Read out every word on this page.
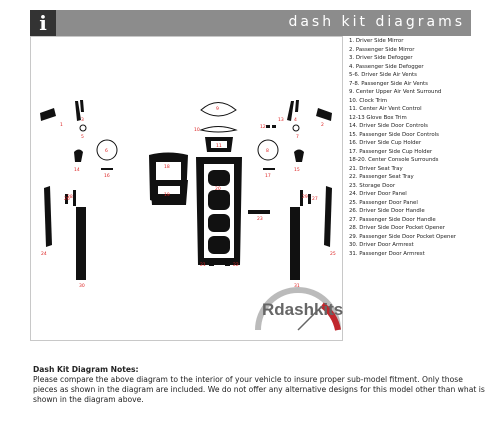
i	dash kit diagrams
1	2
3	4
5
6
7
8
9
10
11
12
13
14	15
16	17
18
19
20
21	22
23
24	25
26	27
28	29
30	31
Rdashkits
1. Driver Side Mirror
2. Passenger Side Mirror
3. Driver Side Defogger
4. Passenger Side Defogger
5-6. Driver Side Air Vents
7-8. Passenger Side Air Vents
9. Center Upper Air Vent Surround
10. Clock Trim
11. Center Air Vent Control
12-13 Glove Box Trim
14. Driver Side Door Controls
15. Passenger Side Door Controls
16. Driver Side Cup Holder
17. Passenger Side Cup Holder
18-20. Center Console Surrounds
21. Driver Seat Tray
22. Passenger Seat Tray
23. Storage Door
24. Driver Door Panel
25. Passenger Door Panel
26. Driver Side Door Handle
27. Passenger Side Door Handle
28. Driver Side Door Pocket Opener
29. Passenger Side Door Pocket Opener
30. Driver Door Armrest
31. Passenger Door Armrest
Dash Kit Diagram Notes:
Please compare the above diagram to the interior of your vehicle to insure proper sub-model fitment. Only those pieces as shown in the diagram are included. We do not offer any alternative designs for this model other than what is shown in the diagram above.
